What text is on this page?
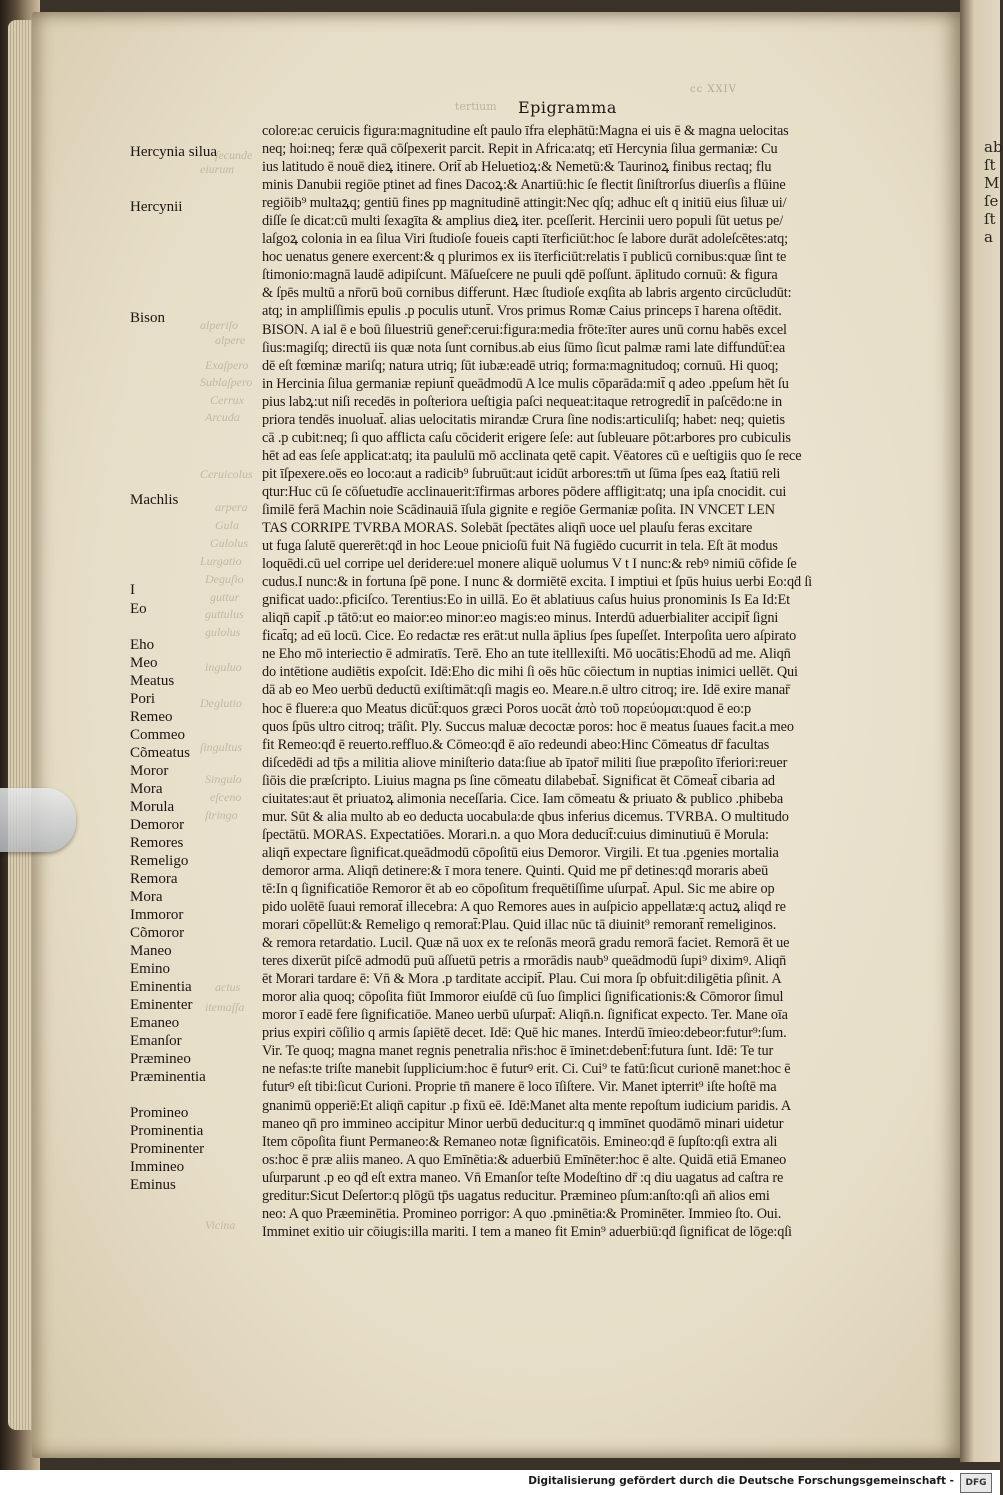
ab
ſt
M
ſe
ſt
a
cc XXIV
tertium Epigramma
ſecunde
eiurum
alperiſo
alpere
Exaſpero
Sublaſpero
Cerrux
Arcuda
Ceruicolus
arpera
Gula
Gulolus
Lurgatio
Deguſio
guttur
guttulus
gulolus
inguluo
Deglutio
ſingultus
Singulo
eſceno
ſtringo
actus
itemaſſa
Vicina
Hercynia silua
Hercynii
Bison
Machlis
I
Eo
Eho
Meo
Meatus
Pori
Remeo
Commeo
Cõmeatus
Moror
Mora
Morula
Demoror
Remores
Remeligo
Remora
Mora
Immoror
Cõmoror
Maneo
Emino
Eminentia
Eminenter
Emaneo
Emanſor
Præmineo
Præminentia
Promineo
Prominentia
Prominenter
Immineo
Eminus
colore:ac ceruicis figura:magnitudine eſt paulo īfra elephātū:Magna ei uis ē & magna uelocitas
neq; hoi:neq; feræ quā cōſpexerit parcit. Repit in Africa:atq; etī Hercynia ſilua germaniæ: Cu
ius latitudo ē nouē dieꝝ itinere. Orit̄ ab Heluetioꝝ:& Nemetū:& Taurinoꝝ finibus rectaq; flu
minis Danubii regiōe ptinet ad fines Dacoꝝ:& Anartiū:hic ſe flectit ſiniſtrorſus diuerſis a flūine
regiōib⁹ multaꝝq; gentiū fines pp magnitudinē attingit:Nec qſq; adhuc eſt q initiū eius ſiluæ ui/
diſſe ſe dicat:cū multi ſexagīta & amplius dieꝝ iter. pceſſerit. Hercinii uero populi ſūt uetus pe/
laſgoꝝ colonia in ea ſilua Viri ſtudioſe foueis capti īterficiūt:hoc ſe labore durāt adoleſcētes:atq;
hoc uenatus genere exercent:& q plurimos ex iis īterficiūt:relatis ī publicū cornibus:quæ ſint te
ſtimonio:magnā laudē adipiſcunt. Māſueſcere ne puuli qdē poſſunt. āplitudo cornuū: & figura
& ſpēs multū a nr̄orū boū cornibus differunt. Hæc ſtudioſe exqſita ab labris argento circūcludūt:
atq; in ampliſſimis epulis .p poculis utunt̄. Vros primus Romæ Caius princeps ī harena oſtēdit.
BISON. A ial ē e boū ſiluestriū gener̄:cerui:figura:media frōte:īter aures unū cornu habēs excel
ſius:magiſq; directū iis quæ nota ſunt cornibus.ab eius ſūmo ſicut palmæ rami late diffundūt̄:ea
dē eſt fœminæ mariſq; natura utriq; ſūt iubæ:eadē utriq; forma:magnitudoq; cornuū. Hi quoq;
in Hercinia ſilua germaniæ repiunt̄ queādmodū A lce mulis cōparāda:mit̄ q adeo .ppeſum hēt ſu
pius labꝝ:ut niſi recedēs in poſteriora ueſtigia paſci nequeat:itaque retrogredit̄ in paſcēdo:ne in
priora tendēs inuoluat̄. alias uelocitatis mirandæ Crura ſine nodis:articuliſq; habet: neq; quietis
cā .p cubit:neq; ſi quo afflicta caſu cōciderit erigere ſeſe: aut ſubleuare pōt:arbores pro cubiculis
hēt ad eas ſeſe applicat:atq; ita paululū mō acclinata qetē capit. Vēatores cū e ueſtigiis quo ſe rece
pit īſpexere.oēs eo loco:aut a radicib⁹ ſubruūt:aut icidūt arbores:tm̄ ut ſūma ſpes eaꝝ ſtatiū reli
qtur:Huc cū ſe cōſuetudīe acclinauerit:īfirmas arbores pōdere affligit:atq; una ipſa cnocidit. cui
ſimilē ferā Machin noie Scādinauiā īſula gignite e regiōe Germaniæ poſita. IN VNCET LEN
TAS CORRIPE TVRBA MORAS. Solebāt ſpectātes aliqn̄ uoce uel plauſu feras excitare
ut fuga ſalutē quererēt:qḋ in hoc Leoue pnicioſū fuit Nā fugiēdo cucurrit in tela. Eſt āt modus
loquēdi.cū uel corripe uel deridere:uel monere aliquē uolumus V t I nunc:& rebꝰ nimiū cōfide ſe
cudus.I nunc:& in fortuna ſpē pone. I nunc & dormiētē excita. I imptiui et ſpūs huius uerbi Eo:qḋ ſi
gnificat uado:.pficiſco. Terentius:Eo in uillā. Eo ēt ablatiuus caſus huius pronominis Is Ea Id:Et
aliqn̄ capit̄ .p tātō:ut eo maior:eo minor:eo magis:eo minus. Interdū aduerbialiter accipit̄ ſigni
ficat̄q; ad eū locū. Cice. Eo redactæ res erāt:ut nulla āplius ſpes ſupeſſet. Interpoſita uero aſpirato
ne Eho mō interiectio ē admiratīs. Terē. Eho an tute itelllexiſti. Mō uocātis:Ehodū ad me. Aliqn̄
do intētione audiētis expoſcit. Idē:Eho dic mihi ſi oēs hūc cōiectum in nuptias inimici uellēt. Qui
dā ab eo Meo uerbū deductū exiſtimāt:qſi magis eo. Meare.n.ē ultro citroq; ire. Idē exire manar̄
hoc ē fluere:a quo Meatus dicūt̄:quos græci Poros uocāt ἀπὸ τοῦ πορεύομαι:quod ē eo:p
quos ſpūs ultro citroq; trāſit. Ply. Succus maluæ decoctæ poros: hoc ē meatus ſuaues facit.a meo
fit Remeo:qḋ ē reuerto.reffluo.& Cōmeo:qḋ ē aīo redeundi abeo:Hinc Cōmeatus dr̄ facultas
diſcedēdi ad tp̄s a militia aliove miniſterio data:ſiue ab īpator̄ militi ſiue præpoſito īferiori:reuer
ſiōis die præſcripto. Liuius magna ps ſine cōmeatu dilabebat̄. Significat ēt Cōmeat̄ cibaria ad
ciuitates:aut ēt priuatoꝝ alimonia neceſſaria. Cice. Iam cōmeatu & priuato & publico .phibeba
mur. Sūt & alia multo ab eo deducta uocabula:de qbus inferius dicemus. TVRBA. O multitudo
ſpectātū. MORAS. Expectatiōes. Morari.n. a quo Mora deducit̄:cuius diminutiuū ē Morula:
aliqn̄ expectare ſignificat.queādmodū cōpoſitū eius Demoror. Virgili. Et tua .pgenies mortalia
demoror arma. Aliqn̄ detinere:& ī mora tenere. Quinti. Quid me pr̄ detines:qḋ moraris abeū
tē:In q ſignificatiōe Remoror ēt ab eo cōpoſitum frequētiſſime uſurpat̄. Apul. Sic me abire op
pido uolētē ſuaui remorat̄ illecebra: A quo Remores aues in auſpicio appellatæ:q actuꝝ aliqd re
morari cōpellūt:& Remeligo q remorat̄:Plau. Quid illac nūc tā diuinit⁹ remorant̄ remeliginos.
& remora retardatio. Lucil. Quæ nā uox ex te reſonās meorā gradu remorā faciet. Remorā ēt ue
teres dixerūt piſcē admodū puū aſſuetū petris a rmorādis naub⁹ queādmodū ſupi⁹ diximꝰ. Aliqn̄
ēt Morari tardare ē: Vn̄ & Mora .p tarditate accipit̄. Plau. Cui mora ſp obfuit:diligētia pſinit. A
moror alia quoq; cōpoſita fiūt Immoror eiuſdē cū ſuo ſimplici ſignificationis:& Cōmoror ſimul
moror ī eadē fere ſignificatiōe. Maneo uerbū uſurpat̄: Aliqn̄.n. ſignificat expecto. Ter. Mane oīa
prius expiri cōſilio q armis ſapiētē decet. Idē: Quē hic manes. Interdū īmieo:debeor:futur⁹:ſum.
Vir. Te quoq; magna manet regnis penetralia nr̄is:hoc ē īminet:debent̄:futura ſunt. Idē: Te tur
ne nefas:te triſte manebit ſupplicium:hoc ē futurꝰ erit. Ci. Cui⁹ te fatū:ſicut curionē manet:hoc ē
futurꝰ eſt tibi:ſicut Curioni. Proprie tn̄ manere ē loco īſiſtere. Vir. Manet ipterrit⁹ iſte hoſtē ma
gnanimū opperiē:Et aliqn̄ capitur .p fixū eē. Idē:Manet alta mente repoſtum iudicium paridis. A
maneo qn̄ pro immineo accipitur Minor uerbū deducitur:q q immīnet quodāmō minari uidetur
Item cōpoſita fiunt Permaneo:& Remaneo notæ ſignificatōis. Emineo:qḋ ē ſupſto:qſi extra ali
os:hoc ē præ aliis maneo. A quo Emīnētia:& aduerbiū Emīnēter:hoc ē alte. Quidā etiā Emaneo
uſurparunt .p eo qḋ eſt extra maneo. Vn̄ Emanſor teſte Modeſtino dr̄ :q diu uagatus ad caſtra re
greditur:Sicut Deſertor:q plōgū tp̄s uagatus reducitur. Præmineo pſum:anſto:qſi an̄ alios emi
neo: A quo Præeminētia. Promineo porrigor: A quo .pminētia:& Prominēter. Immieo ſto. Oui.
Imminet exitio uir cōiugis:illa mariti. I tem a maneo fit Emin⁹ aduerbiū:qḋ ſignificat de lōge:qſi
Digitalisierung gefördert durch die Deutsche Forschungsgemeinschaft -	DFG
